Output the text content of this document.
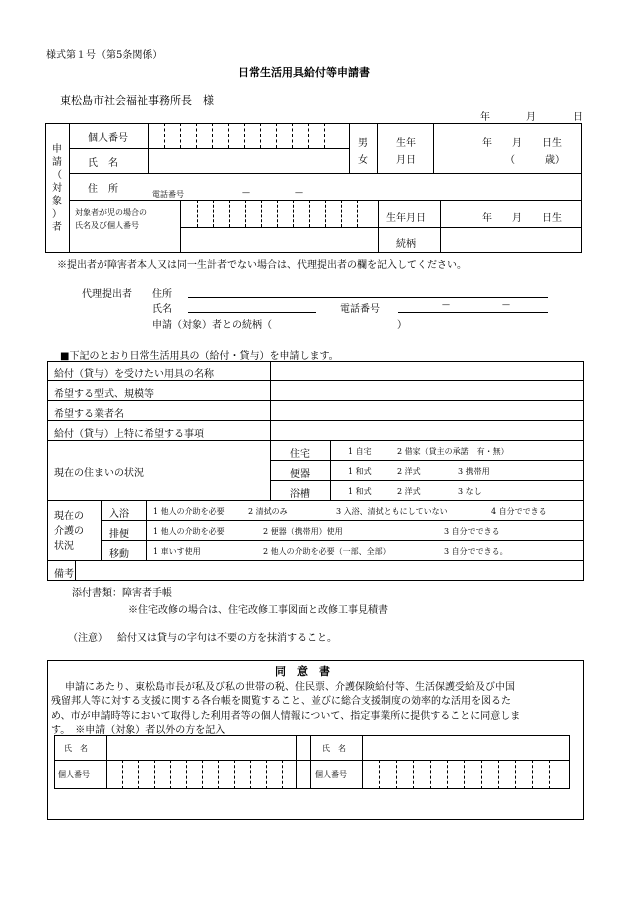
様式第１号（第5条関係）
日常生活用具給付等申請書
東松島市社会福祉事務所長　様
年	月	日
申
請
（
対
象
）
者
個人番号
氏　名
住　所	電話番号	—	—
男
女
生年
月日
年　　月　　日生
（　　　歳）
対象者が児の場合の
氏名及び個人番号
生年月日	年　　月　　日生
続柄
※提出者が障害者本人又は同一生計者でない場合は、代理提出者の欄を記入してください。
代理提出者 住所
氏名	電話番号	—	—
申請（対象）者との続柄（	）
■下記のとおり日常生活用具の（給付・貸与）を申請します。
給付（貸与）を受けたい用具の名称
希望する型式、規模等
希望する業者名
給付（貸与）上特に希望する事項
現在の住まいの状況
住宅	1 自宅	2 借家（貸主の承諾　有・無）
便器	1 和式	2 洋式	3 携帯用
浴槽	1 和式	2 洋式	3 なし
現在の
介護の
状況
入浴	1 他人の介助を必要	2 清拭のみ	3 入浴、清拭ともにしていない	4 自分でできる
排便	1 他人の介助を必要	2 便器（携帯用）使用	3 自分でできる
移動	1 車いす使用	2 他人の介助を必要（一部、全部）	3 自分でできる。
備考
添付書類：障害者手帳
※住宅改修の場合は、住宅改修工事図面と改修工事見積書
（注意） 給付又は貸与の字句は不要の方を抹消すること。
同　意　書
申請にあたり、東松島市長が私及び私の世帯の税、住民票、介護保険給付等、生活保護受給及び中国
残留邦人等に対する支援に関する各台帳を閲覧すること、並びに総合支援制度の効率的な活用を図るた
め、市が申請時等において取得した利用者等の個人情報について、指定事業所に提供することに同意しま
す。　※申請（対象）者以外の方を記入
氏　名
個人番号
氏　名
個人番号
